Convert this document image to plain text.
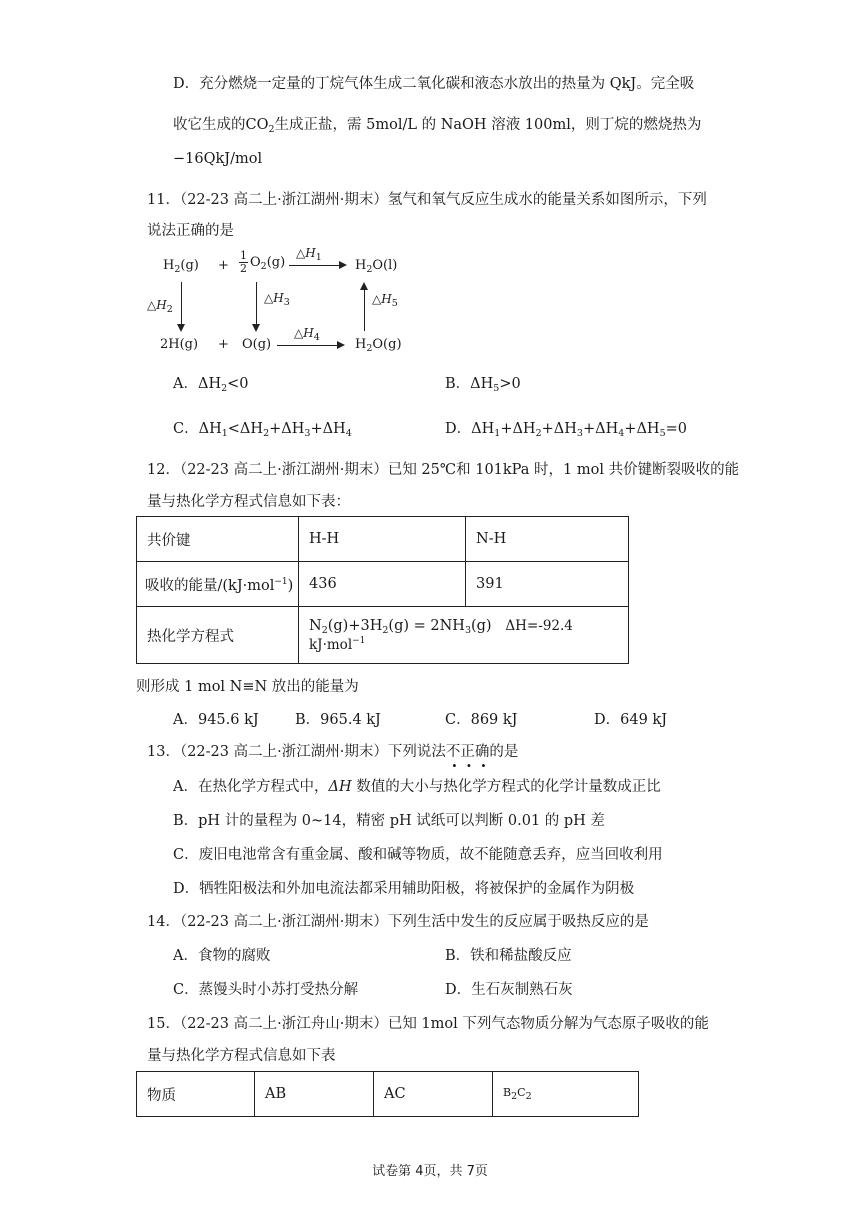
D．充分燃烧一定量的丁烷气体生成二氧化碳和液态水放出的热量为 QkJ。完全吸
收它生成的$CO_2$生成正盐，需 5mol/L 的 NaOH 溶液 100ml，则丁烷的燃烧热为
−16QkJ/mol
11．（22-23 高二上·浙江湖州·期末）氢气和氧气反应生成水的能量关系如图所示，下列
说法正确的是
$H_2(g) + \frac{1}{2} O_2(g)$
$\triangle H_1$
$H_2O(l)$
$\triangle H_2$
$\triangle H_3$	$\triangle H_5$
2H(g) + O(g)
$\triangle H_4$	$H_2O(g)$
A．$\Delta H_2<0$	B．$\Delta H_5>0$
C．$\Delta H_1<\Delta H_2+\Delta H_3+\Delta H_4$	D．$\Delta H_1+\Delta H_2+\Delta H_3+\Delta H_4+\Delta H_5=0$
12．（22-23 高二上·浙江湖州·期末）已知 25℃和 101kPa 时，1 mol 共价键断裂吸收的能
量与热化学方程式信息如下表：
共价键	H-H	N-H
吸收的能量/(kJ·mol$^{-1}$)	436	391
热化学方程式	$N_2(g)+3H_2(g) = 2NH_3(g)$ ΔH=-92.4 kJ·mol$^{-1}$
则形成 1 mol N≡N 放出的能量为
A．945.6 kJ	B．965.4 kJ	C．869 kJ	D．649 kJ
13．（22-23 高二上·浙江湖州·期末）下列说法不正确的是
A．在热化学方程式中，ΔH 数值的大小与热化学方程式的化学计量数成正比
B．pH 计的量程为 0~14，精密 pH 试纸可以判断 0.01 的 pH 差
C．废旧电池常含有重金属、酸和碱等物质，故不能随意丢弃，应当回收利用
D．牺牲阳极法和外加电流法都采用辅助阳极，将被保护的金属作为阴极
14．（22-23 高二上·浙江湖州·期末）下列生活中发生的反应属于吸热反应的是
A．食物的腐败	B．铁和稀盐酸反应
C．蒸馒头时小苏打受热分解	D．生石灰制熟石灰
15．（22-23 高二上·浙江舟山·期末）已知 1mol 下列气态物质分解为气态原子吸收的能
量与热化学方程式信息如下表
物质	AB	AC	$B_2C_2$
试卷第 4页，共 7页
